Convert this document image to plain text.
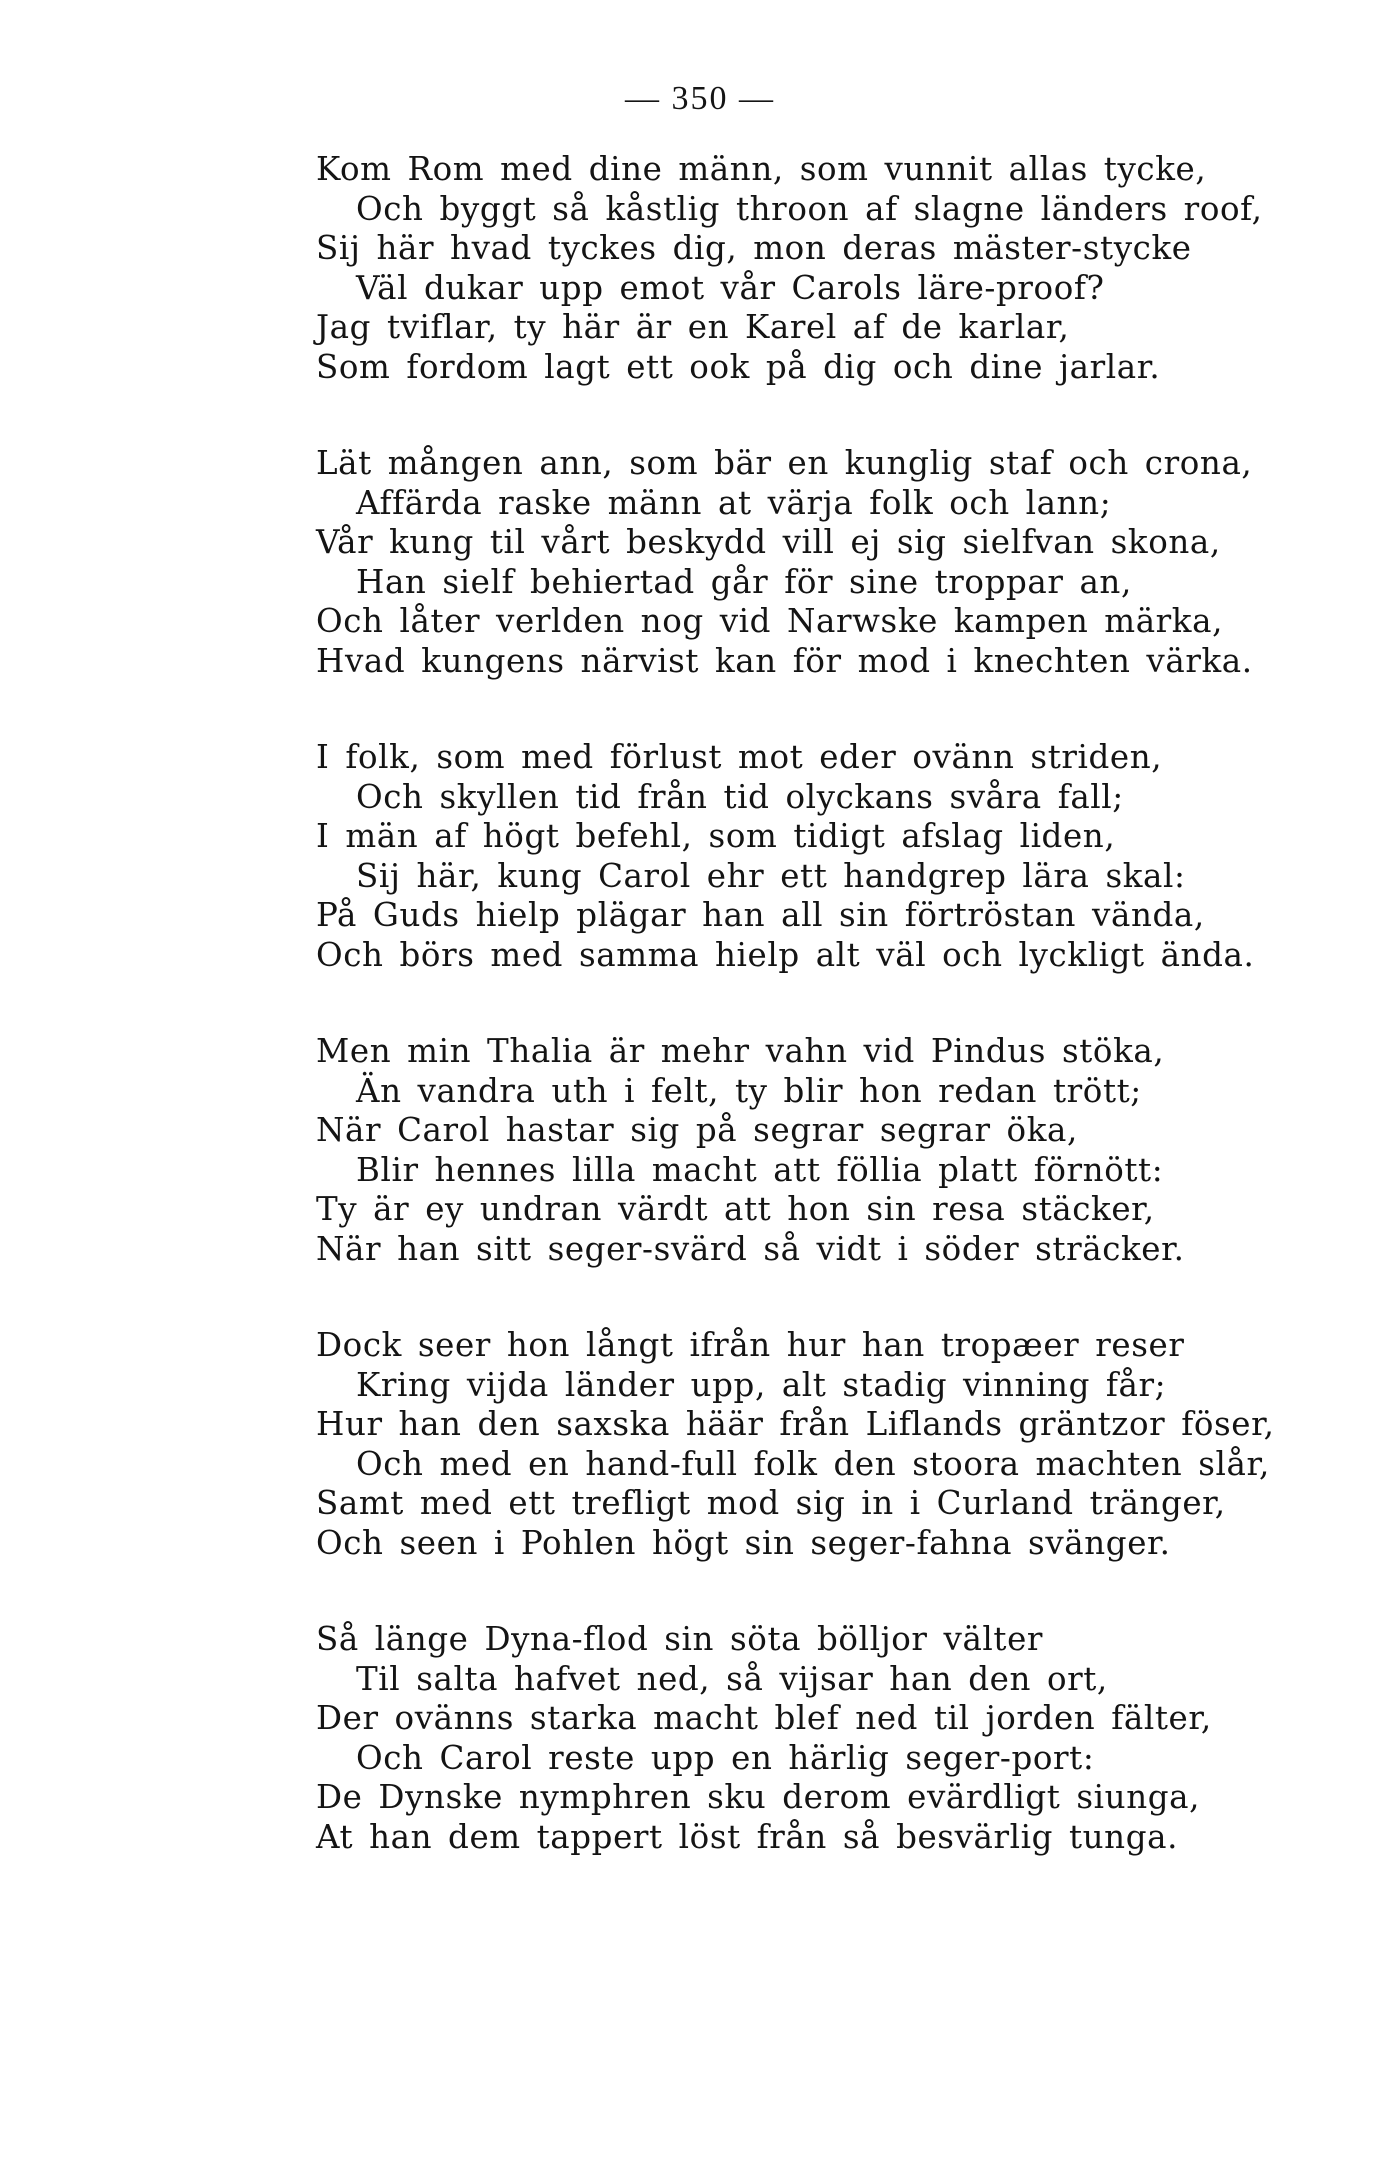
— 350 —
Kom Rom med dine männ, som vunnit allas tycke,
Och byggt så kåstlig throon af slagne länders roof,
Sij här hvad tyckes dig, mon deras mäster-stycke
Väl dukar upp emot vår Carols läre-proof?
Jag tviflar, ty här är en Karel af de karlar,
Som fordom lagt ett ook på dig och dine jarlar.
Lät mången ann, som bär en kunglig staf och crona,
Affärda raske männ at värja folk och lann;
Vår kung til vårt beskydd vill ej sig sielfvan skona,
Han sielf behiertad går för sine troppar an,
Och låter verlden nog vid Narwske kampen märka,
Hvad kungens närvist kan för mod i knechten värka.
I folk, som med förlust mot eder ovänn striden,
Och skyllen tid från tid olyckans svåra fall;
I män af högt befehl, som tidigt afslag liden,
Sij här, kung Carol ehr ett handgrep lära skal:
På Guds hielp plägar han all sin förtröstan vända,
Och börs med samma hielp alt väl och lyckligt ända.
Men min Thalia är mehr vahn vid Pindus stöka,
Än vandra uth i felt, ty blir hon redan trött;
När Carol hastar sig på segrar segrar öka,
Blir hennes lilla macht att föllia platt förnött:
Ty är ey undran värdt att hon sin resa stäcker,
När han sitt seger-svärd så vidt i söder sträcker.
Dock seer hon långt ifrån hur han tropæer reser
Kring vijda länder upp, alt stadig vinning får;
Hur han den saxska häär från Liflands gräntzor föser,
Och med en hand-full folk den stoora machten slår,
Samt med ett trefligt mod sig in i Curland tränger,
Och seen i Pohlen högt sin seger-fahna svänger.
Så länge Dyna-flod sin söta bölljor välter
Til salta hafvet ned, så vijsar han den ort,
Der ovänns starka macht blef ned til jorden fälter,
Och Carol reste upp en härlig seger-port:
De Dynske nymphren sku derom evärdligt siunga,
At han dem tappert löst från så besvärlig tunga.
